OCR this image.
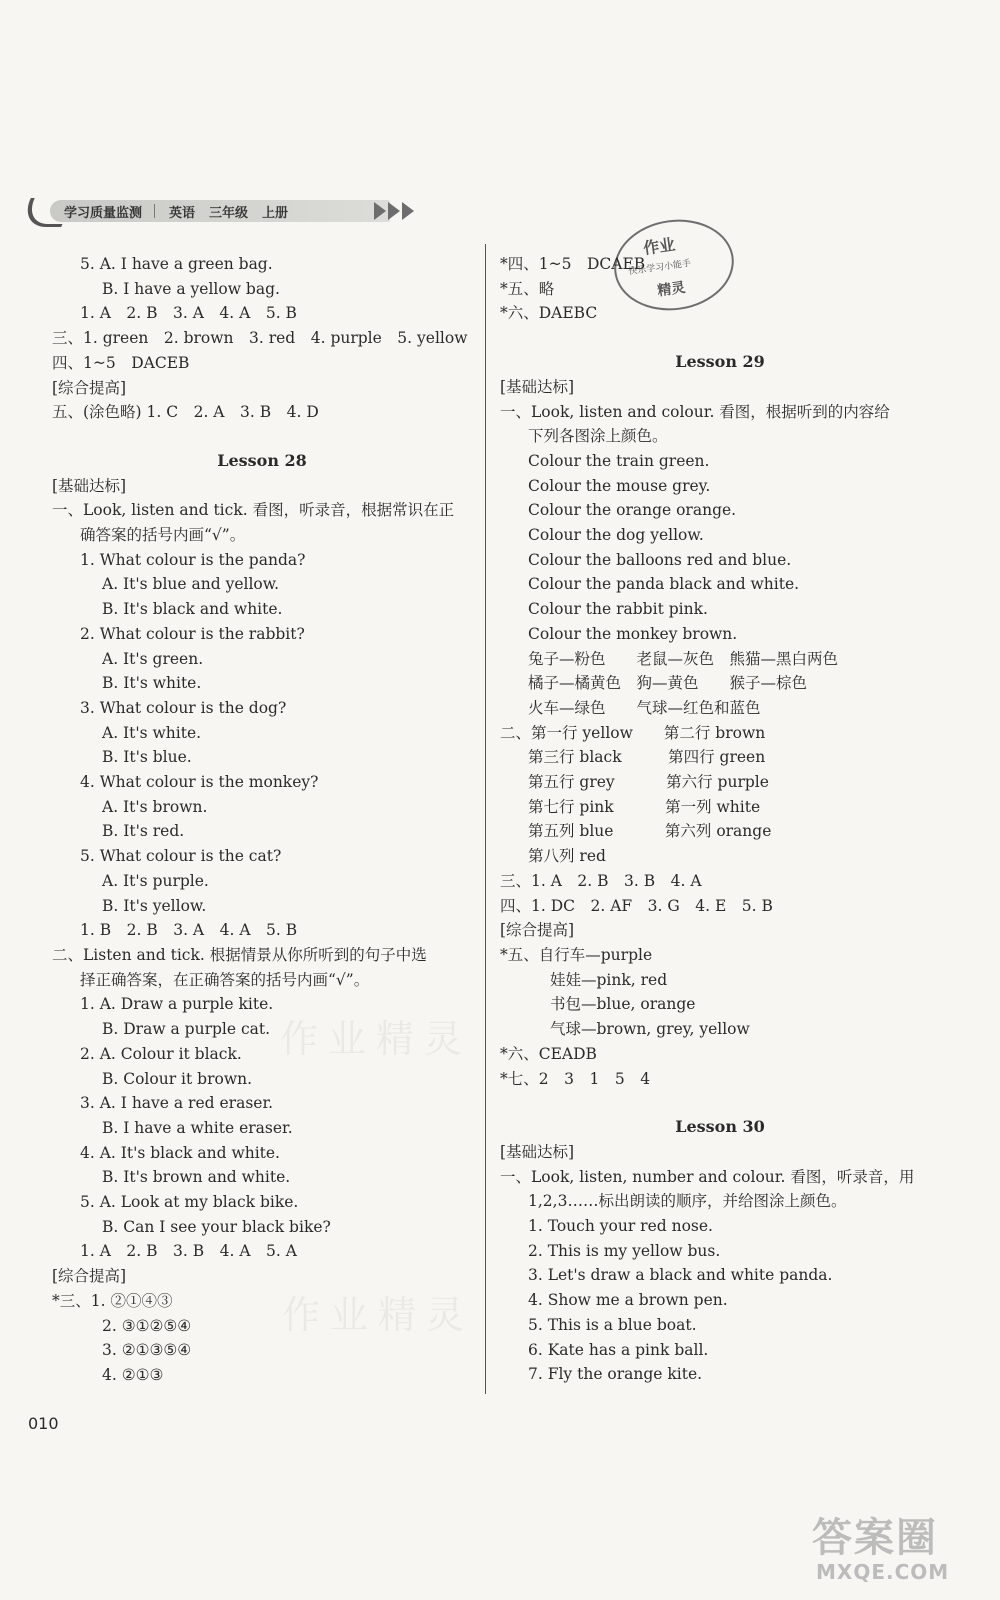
学习质量监测 英语 三年级 上册
作业
快乐学习小能手
精灵
作业精灵
作业精灵
5. A. I have a green bag.
B. I have a yellow bag.
1. A　2. B　3. A　4. A　5. B
三、1. green　2. brown　3. red　4. purple　5. yellow
四、1~5　DACEB
[综合提高]
五、(涂色略) 1. C　2. A　3. B　4. D
Lesson 28
[基础达标]
一、Look, listen and tick. 看图，听录音，根据常识在正
确答案的括号内画“√”。
1. What colour is the panda?
A. It's blue and yellow.
B. It's black and white.
2. What colour is the rabbit?
A. It's green.
B. It's white.
3. What colour is the dog?
A. It's white.
B. It's blue.
4. What colour is the monkey?
A. It's brown.
B. It's red.
5. What colour is the cat?
A. It's purple.
B. It's yellow.
1. B　2. B　3. A　4. A　5. B
二、Listen and tick. 根据情景从你所听到的句子中选
择正确答案，在正确答案的括号内画“√”。
1. A. Draw a purple kite.
B. Draw a purple cat.
2. A. Colour it black.
B. Colour it brown.
3. A. I have a red eraser.
B. I have a white eraser.
4. A. It's black and white.
B. It's brown and white.
5. A. Look at my black bike.
B. Can I see your black bike?
1. A　2. B　3. B　4. A　5. A
[综合提高]
*三、1. ②①④③
2. ③①②⑤④
3. ②①③⑤④
4. ②①③
*四、1~5　DCAEB
*五、略
*六、DAEBC
Lesson 29
[基础达标]
一、Look, listen and colour. 看图，根据听到的内容给
下列各图涂上颜色。
Colour the train green.
Colour the mouse grey.
Colour the orange orange.
Colour the dog yellow.
Colour the balloons red and blue.
Colour the panda black and white.
Colour the rabbit pink.
Colour the monkey brown.
兔子—粉色　　老鼠—灰色　熊猫—黑白两色
橘子—橘黄色　狗—黄色　　猴子—棕色
火车—绿色　　气球—红色和蓝色
二、第一行 yellow　　第二行 brown
第三行 black　　　第四行 green
第五行 grey　　　 第六行 purple
第七行 pink　　　 第一列 white
第五列 blue　　　 第六列 orange
第八列 red
三、1. A　2. B　3. B　4. A
四、1. DC　2. AF　3. G　4. E　5. B
[综合提高]
*五、自行车—purple
娃娃—pink, red
书包—blue, orange
气球—brown, grey, yellow
*六、CEADB
*七、2　3　1　5　4
Lesson 30
[基础达标]
一、Look, listen, number and colour. 看图，听录音，用
1,2,3……标出朗读的顺序，并给图涂上颜色。
1. Touch your red nose.
2. This is my yellow bus.
3. Let's draw a black and white panda.
4. Show me a brown pen.
5. This is a blue boat.
6. Kate has a pink ball.
7. Fly the orange kite.
010
答案圈
MXQE.COM
